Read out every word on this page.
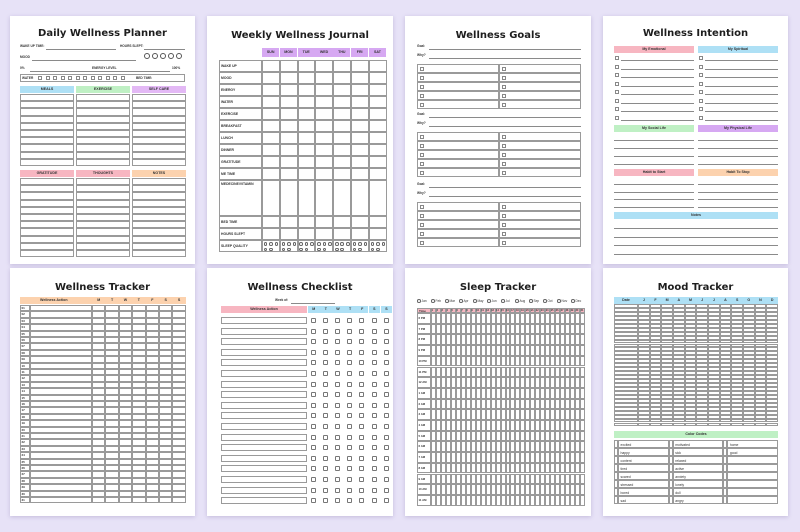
Daily Wellness Planner
WAKE UP TIME:	HOURS SLEPT:
MOOD
0%	ENERGY LEVEL	100%
WATER	BED TIME:
MEALS	EXERCISE	SELF CARE
GRATITUDE	THOUGHTS	NOTES
Weekly Wellness Journal
SUN	MON	TUE	WED	THU	FRI	SAT
WAKE UP
MOOD
ENERGY
WATER
EXERCISE
BREAKFAST
LUNCH
DINNER
GRATITUDE
ME TIME
MEDECINE/VITAMIN
BED TIME
HOURS SLEPT
SLEEP QUALITY
Wellness Goals
Goal:
Why?
Goal:
Why?
Goal:
Why?
Wellness Intention
My Emotional	My Spiritual
My Social Life	My Physical Life
Habit to Start	Habit To Stop
Notes
Wellness Tracker
Wellness Action	M	T	W	T	F	S	S
01
02
03
04
05
06
07
08
09
10
11
12
13
14
15
16
17
18
19
20
21
22
23
24
25
26
27
28
29
30
31
Wellness Checklist
Week of:
Wellness Action	M	T	W	T	F	S	S
Sleep Tracker
Jan	Feb	Mar	Apr	May Jun	Jul	Aug	Sep	Oct	Nov	Dec
Time 1 2 3 4 5 6 7 8 9 10 11 12 13 14 15 16 17 18 19 20 21 22 23 24 25 26 27 28 29 30 31
6 PM
7 PM
8 PM
9 PM
10 PM
11 PM
12 AM
1 AM
2 AM
3 AM
4 AM
5 AM
6 AM
7 AM
8 AM
9 AM
10 AM
11 AM
Mood Tracker
Date	J	F	M	A	M	J	J	A	S	O	N	D
Color Codes
excited	motivated	home
happy	sick	good
content	relaxed
tired	active
scared	anxiety
stressed	lonely
bored	dull
sad	angry
